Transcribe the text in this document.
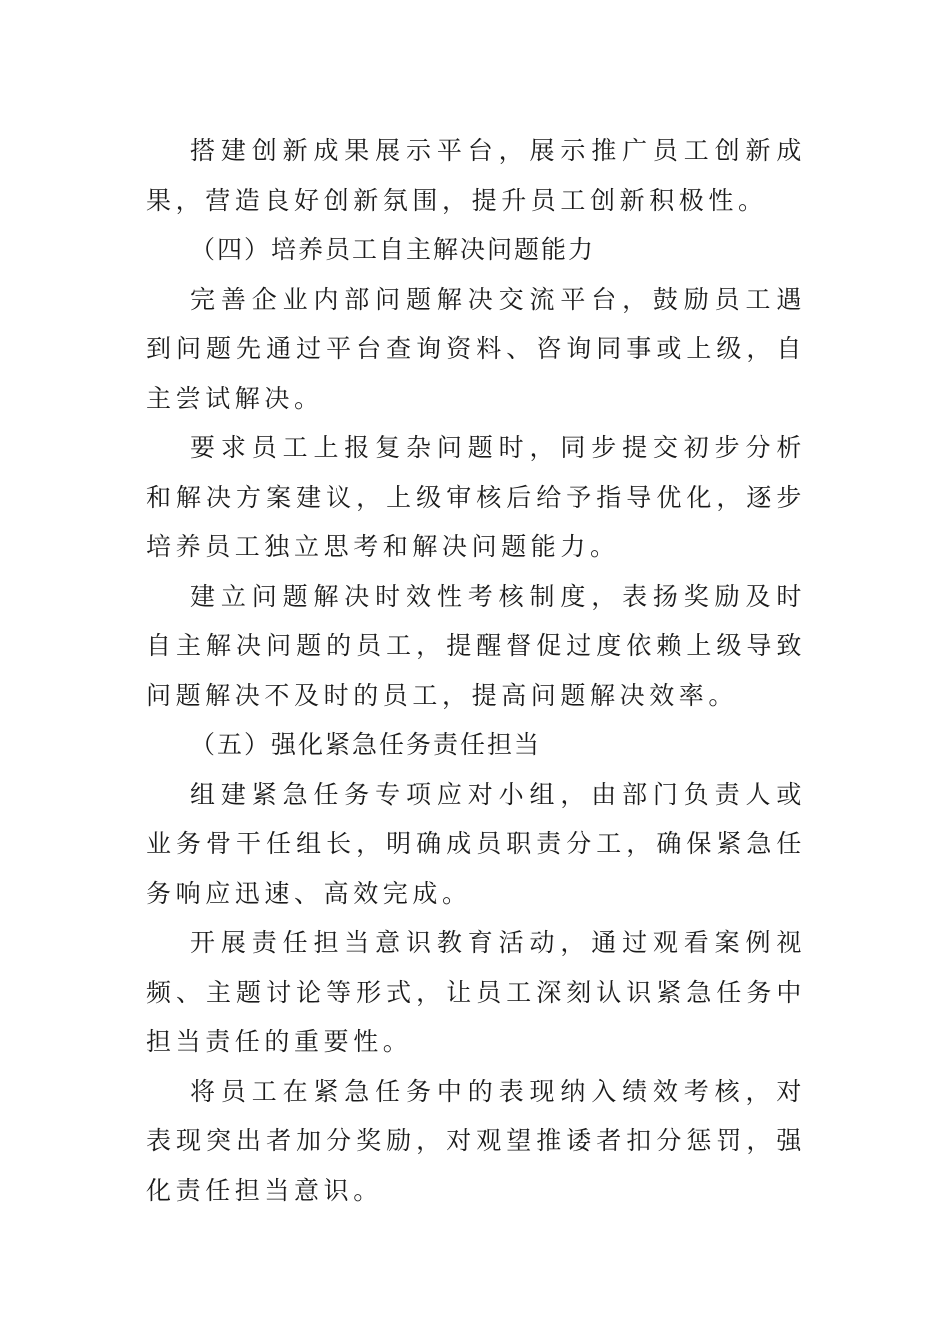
搭建创新成果展示平台，展示推广员工创新成果，营造良好创新氛围，提升员工创新积极性。

（四）培养员工自主解决问题能力

完善企业内部问题解决交流平台，鼓励员工遇到问题先通过平台查询资料、咨询同事或上级，自主尝试解决。

要求员工上报复杂问题时，同步提交初步分析和解决方案建议，上级审核后给予指导优化，逐步培养员工独立思考和解决问题能力。

建立问题解决时效性考核制度，表扬奖励及时自主解决问题的员工，提醒督促过度依赖上级导致问题解决不及时的员工，提高问题解决效率。

（五）强化紧急任务责任担当

组建紧急任务专项应对小组，由部门负责人或业务骨干任组长，明确成员职责分工，确保紧急任务响应迅速、高效完成。

开展责任担当意识教育活动，通过观看案例视频、主题讨论等形式，让员工深刻认识紧急任务中担当责任的重要性。

将员工在紧急任务中的表现纳入绩效考核，对表现突出者加分奖励，对观望推诿者扣分惩罚，强化责任担当意识。
